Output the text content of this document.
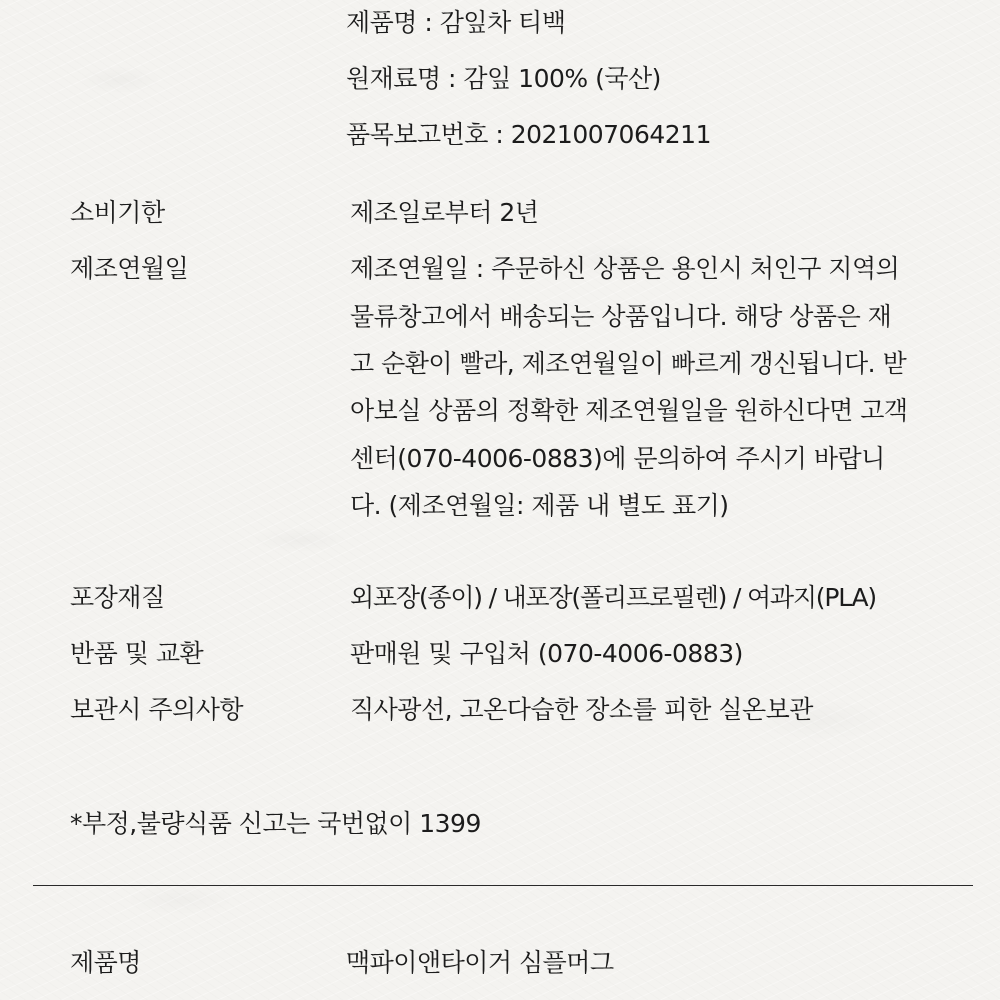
제품명 : 감잎차 티백
원재료명 : 감잎 100% (국산)
품목보고번호 : 2021007064211
소비기한	제조일로부터 2년
제조연월일	제조연월일 : 주문하신 상품은 용인시 처인구 지역의
물류창고에서 배송되는 상품입니다. 해당 상품은 재
고 순환이 빨라, 제조연월일이 빠르게 갱신됩니다. 받
아보실 상품의 정확한 제조연월일을 원하신다면 고객
센터(070-4006-0883)에 문의하여 주시기 바랍니
다. (제조연월일: 제품 내 별도 표기)
포장재질	외포장(종이) / 내포장(폴리프로필렌) / 여과지(PLA)
반품 및 교환	판매원 및 구입처 (070-4006-0883)
보관시 주의사항	직사광선, 고온다습한 장소를 피한 실온보관
*부정,불량식품 신고는 국번없이 1399
제품명	맥파이앤타이거 심플머그
